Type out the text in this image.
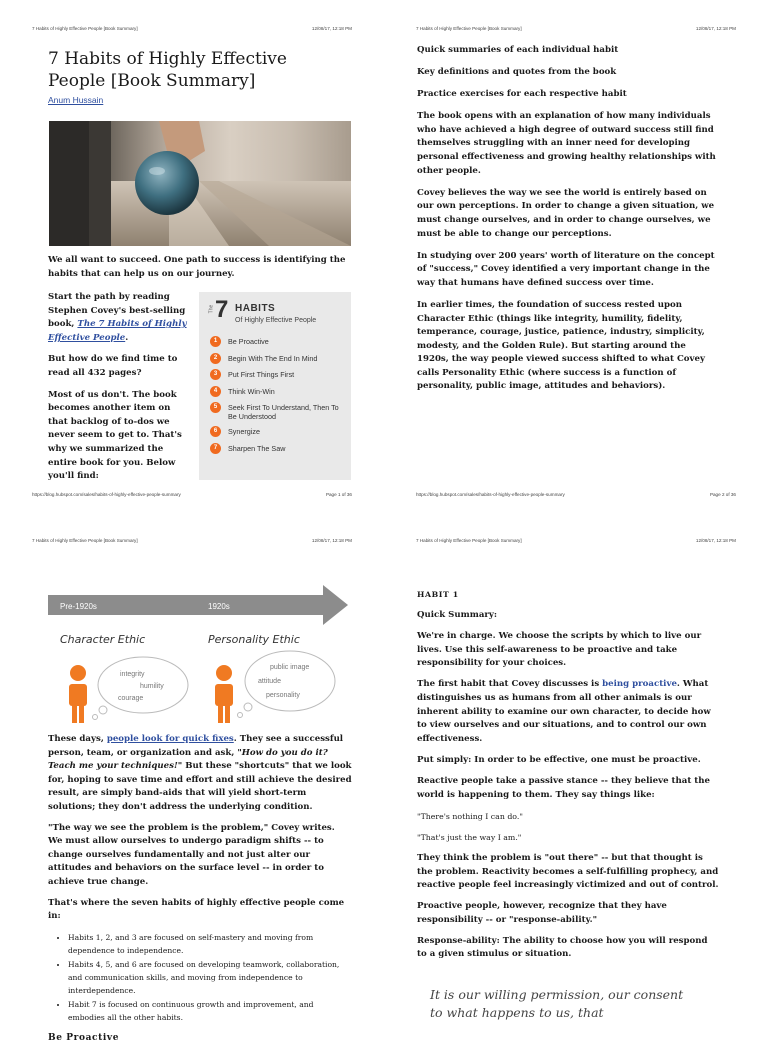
7 Habits of Highly Effective People [Book Summary]	12/08/17, 12:18 PM
7 Habits of Highly Effective People [Book Summary]
Anum Hussain

We all want to succeed. One path to success is identifying the habits that can help us on our journey.

Start the path by reading Stephen Covey's best-selling book, The 7 Habits of Highly Effective People.

But how do we find time to read all 432 pages?

Most of us don't. The book becomes another item on that backlog of to-dos we never seem to get to. That's why we summarized the entire book for you. Below you'll find:

The 7 HABITS
Of Highly Effective People
1	Be Proactive
2	Begin With The End In Mind
3	Put First Things First
4	Think Win-Win
5	Seek First To Understand, Then To Be Understood
6	Synergize
7	Sharpen The Saw
https://blog.hubspot.com/sales/habits-of-highly-effective-people-summary	Page 1 of 36
7 Habits of Highly Effective People [Book Summary]	12/08/17, 12:18 PM

Quick summaries of each individual habit

Key definitions and quotes from the book

Practice exercises for each respective habit

The book opens with an explanation of how many individuals who have achieved a high degree of outward success still find themselves struggling with an inner need for developing personal effectiveness and growing healthy relationships with other people.

Covey believes the way we see the world is entirely based on our own perceptions. In order to change a given situation, we must change ourselves, and in order to change ourselves, we must be able to change our perceptions.

In studying over 200 years' worth of literature on the concept of "success," Covey identified a very important change in the way that humans have defined success over time.

In earlier times, the foundation of success rested upon Character Ethic (things like integrity, humility, fidelity, temperance, courage, justice, patience, industry, simplicity, modesty, and the Golden Rule). But starting around the 1920s, the way people viewed success shifted to what Covey calls Personality Ethic (where success is a function of personality, public image, attitudes and behaviors).

https://blog.hubspot.com/sales/habits-of-highly-effective-people-summary	Page 2 of 36
7 Habits of Highly Effective People [Book Summary]	12/08/17, 12:18 PM
Pre-1920s	1920s
Character Ethic	Personality Ethic
integrity
humility
courage
public image
attitude
personality

These days, people look for quick fixes. They see a successful person, team, or organization and ask, "How do you do it? Teach me your techniques!" But these "shortcuts" that we look for, hoping to save time and effort and still achieve the desired result, are simply band-aids that will yield short-term solutions; they don't address the underlying condition.

"The way we see the problem is the problem," Covey writes. We must allow ourselves to undergo paradigm shifts -- to change ourselves fundamentally and not just alter our attitudes and behaviors on the surface level -- in order to achieve true change.

That's where the seven habits of highly effective people come in:

• Habits 1, 2, and 3 are focused on self-mastery and moving from dependence to independence.
• Habits 4, 5, and 6 are focused on developing teamwork, collaboration, and communication skills, and moving from independence to interdependence.
• Habit 7 is focused on continuous growth and improvement, and embodies all the other habits.
Be Proactive
7 Habits of Highly Effective People [Book Summary]	12/08/17, 12:18 PM

HABIT 1

Quick Summary:

We're in charge. We choose the scripts by which to live our lives. Use this self-awareness to be proactive and take responsibility for your choices.

The first habit that Covey discusses is being proactive. What distinguishes us as humans from all other animals is our inherent ability to examine our own character, to decide how to view ourselves and our situations, and to control our own effectiveness.

Put simply: In order to be effective, one must be proactive.

Reactive people take a passive stance -- they believe that the world is happening to them. They say things like:

"There's nothing I can do."

"That's just the way I am."

They think the problem is "out there" -- but that thought is the problem. Reactivity becomes a self-fulfilling prophecy, and reactive people feel increasingly victimized and out of control.

Proactive people, however, recognize that they have responsibility -- or "response-ability."

Response-ability: The ability to choose how you will respond to a given stimulus or situation.

It is our willing permission, our consent to what happens to us, that
